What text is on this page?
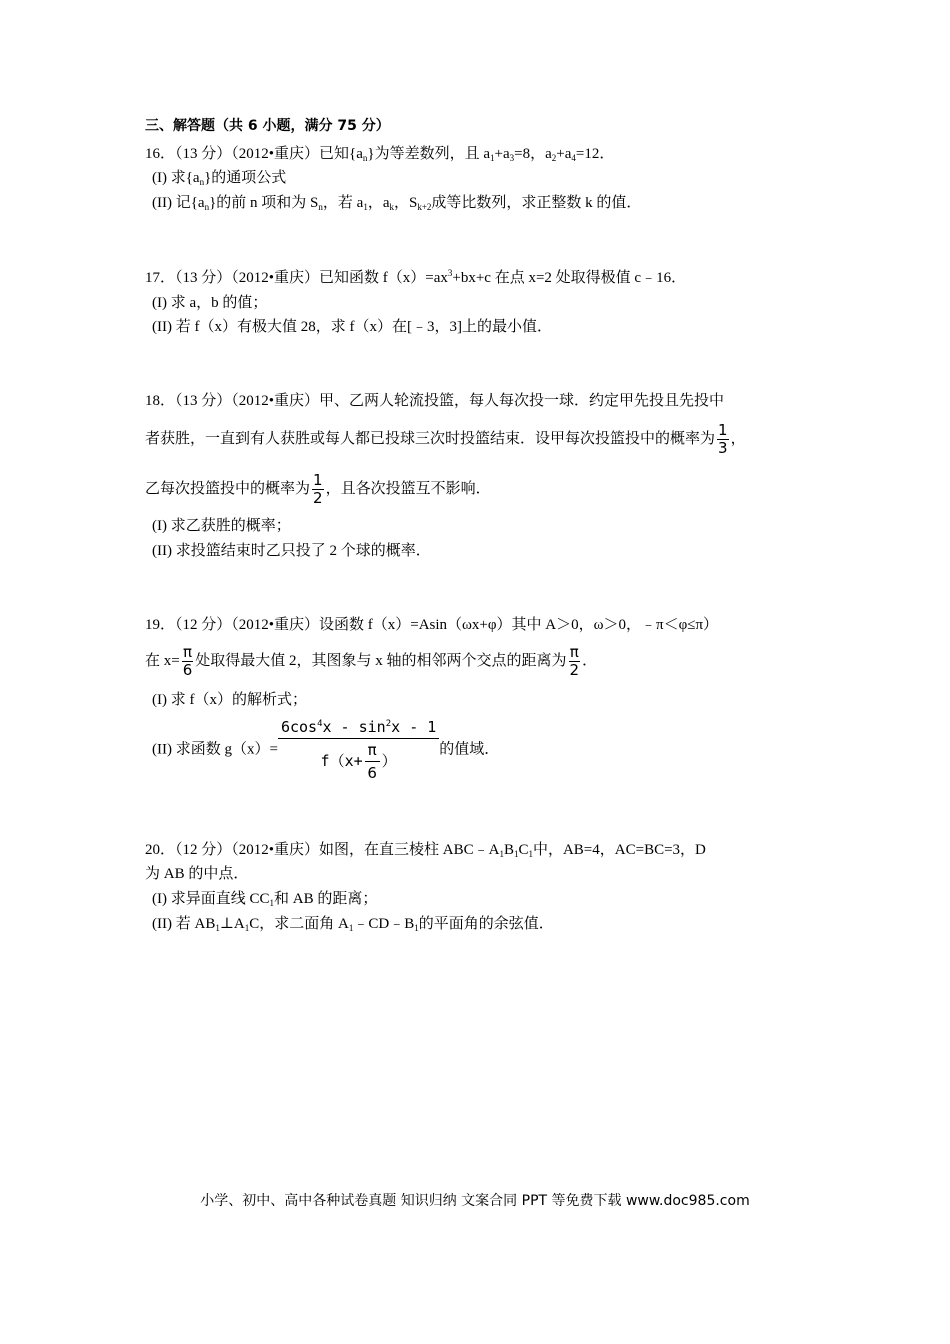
三、解答题（共 6 小题，满分 75 分）
16．（13 分）（2012•重庆）已知$\{a_n\}$为等差数列，且 $a_1+a_3=8$，$a_2+a_4=12$．
(I) 求$\{a_n\}$的通项公式
(II) 记$\{a_n\}$的前 n 项和为 $S_n$，若 $a_1$，$a_k$，$S_{k+2}$成等比数列，求正整数 k 的值．
17．（13 分）（2012•重庆）已知函数 $f(x)=ax^3+bx+c$ 在点 x=2 处取得极值 c﹣16．
(I) 求 a，b 的值；
(II) 若 f（x）有极大值 28，求 f（x）在[﹣3，3]上的最小值．
18．（13 分）（2012•重庆）甲、乙两人轮流投篮，每人每次投一球．约定甲先投且先投中
者获胜，一直到有人获胜或每人都已投球三次时投篮结束．设甲每次投篮投中的概率为 $\frac{1}{3}$ ，
乙每次投篮投中的概率为 $\frac{1}{2}$ ，且各次投篮互不影响．
(I) 求乙获胜的概率；
(II) 求投篮结束时乙只投了 2 个球的概率．
19．（12 分）（2012•重庆）设函数 f（x）=Asin（ωx+φ）其中 A＞0，ω＞0，﹣π＜φ≤π）
在 $x= \frac{\pi}{6}$ 处取得最大值 2，其图象与 x 轴的相邻两个交点的距离为 $\frac{\pi}{2}$ ．
(I) 求 f（x）的解析式；
(II) 求函数 $g(x)= \frac{6\cos^4x - \sin^2x - 1}{f(x+ \frac{\pi}{6} )}$ 的值域．
20．（12 分）（2012•重庆）如图，在直三棱柱 $ABC﹣A_1B_1C_1$中，AB=4，AC=BC=3，D
为 AB 的中点．
(I) 求异面直线 $CC_1$和 AB 的距离；
(II) 若 $AB_1\perp A_1C$，求二面角 $A_1﹣CD﹣B_1$的平面角的余弦值．
小学、初中、高中各种试卷真题 知识归纳 文案合同 PPT 等免费下载 www.doc985.com
